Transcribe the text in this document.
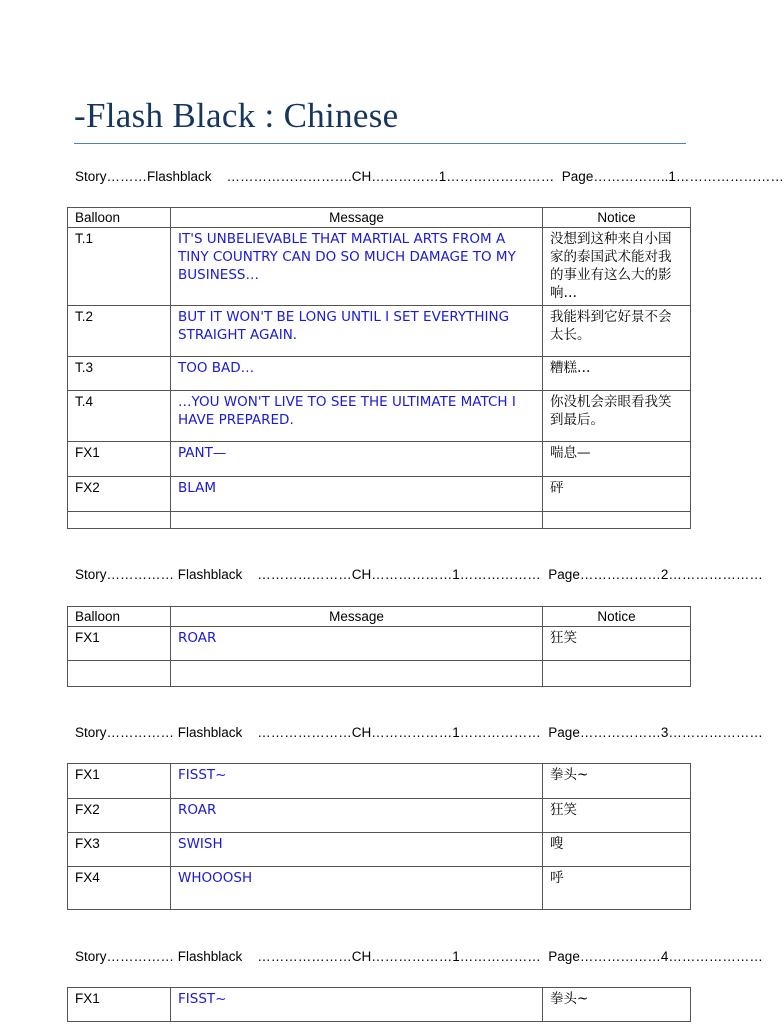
-Flash Black : Chinese
Story………Flashblack    ……………………….CH……………1……………………  Page……………..1……………………
Balloon	Message	Notice
T.1	IT'S UNBELIEVABLE THAT MARTIAL ARTS FROM A TINY COUNTRY CAN DO SO MUCH DAMAGE TO MY BUSINESS…	没想到这种来自小国家的泰国武术能对我的事业有这么大的影响…
T.2	BUT IT WON'T BE LONG UNTIL I SET EVERYTHING STRAIGHT AGAIN.	我能料到它好景不会太长。
T.3	TOO BAD…	糟糕…
T.4	…YOU WON'T LIVE TO SEE THE ULTIMATE MATCH I HAVE PREPARED.	你没机会亲眼看我笑到最后。
FX1	PANT—	喘息—
FX2	BLAM	砰

Story…………… Flashblack    …………………CH………………1………………  Page………………2…………………
Balloon	Message	Notice
FX1	ROAR	狂笑

Story…………… Flashblack    …………………CH………………1………………  Page………………3…………………
FX1	FISST~	拳头~
FX2	ROAR	狂笑
FX3	SWISH	嗖
FX4	WHOOOSH	呼
Story…………… Flashblack    …………………CH………………1………………  Page………………4…………………
FX1	FISST~	拳头~
